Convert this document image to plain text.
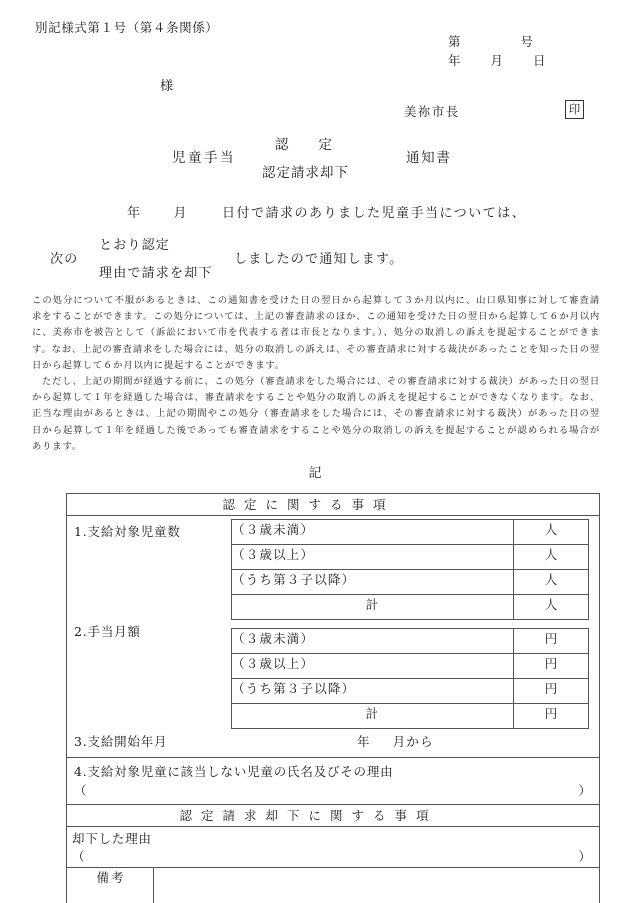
別記様式第１号（第４条関係）
第	号
年 月 日
様
美祢市長	印
児童手当
認　　定
認定請求却下
通知書
年 月	日付で請求のありました児童手当については、
次の
とおり認定
理由で請求を却下
しましたので通知します。

この処分について不服があるときは、この通知書を受けた日の翌日から起算して３か月以内に、山口県知事に対して審査請求をすることができます。この処分については、上記の審査請求のほか、この通知を受けた日の翌日から起算して６か月以内に、美祢市を被告として（訴訟において市を代表する者は市長となります。）、処分の取消しの訴えを提起することができます。なお、上記の審査請求をした場合には、処分の取消しの訴えは、その審査請求に対する裁決があったことを知った日の翌日から起算して６か月以内に提起することができます。

ただし、上記の期間が経過する前に、この処分（審査請求をした場合には、その審査請求に対する裁決）があった日の翌日から起算して１年を経過した場合は、審査請求をすることや処分の取消しの訴えを提起することができなくなります。なお、正当な理由があるときは、上記の期間やこの処分（審査請求をした場合には、その審査請求に対する裁決）があった日の翌日から起算して１年を経過した後であっても審査請求をすることや処分の取消しの訴えを提起することが認められる場合があります。

記
認定に関する事項

1.支給対象児童数	（３歳未満）	人
（３歳以上）	人
（うち第３子以降）	人
計	人
2.手当月額	（３歳未満）	円
（３歳以上）	円
（うち第３子以降）	円
計	円
3.支給開始年月	年 月から

4.支給対象児童に該当しない児童の氏名及びその理由
（	）

認定請求却下に関する事項

却下した理由
（	）

備考	
